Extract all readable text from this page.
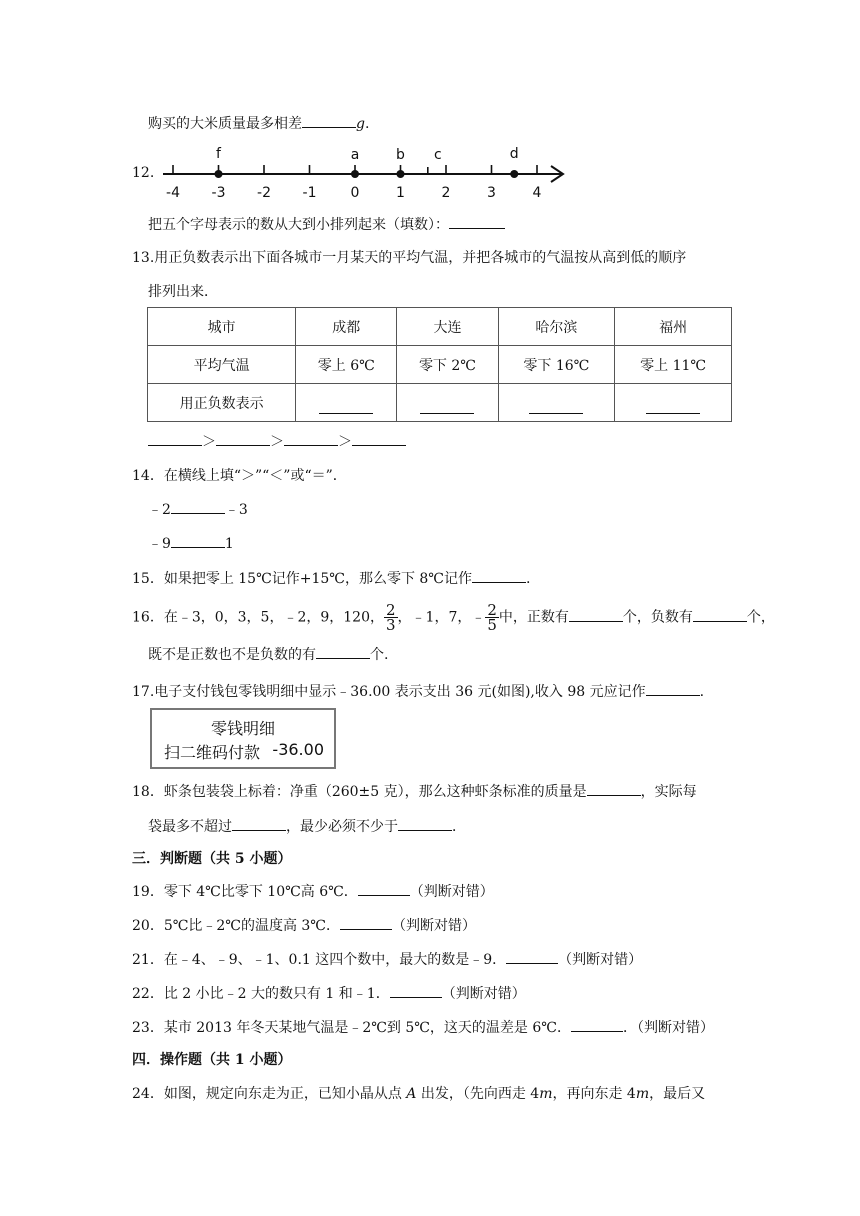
购买的大米质量最多相差	g.
12.
-4 -3 -2 -1 0	1	2	3	4
f	a	b c	d
把五个字母表示的数从大到小排列起来（填数）：
13.用正负数表示出下面各城市一月某天的平均气温，并把各城市的气温按从高到低的顺序
排列出来．
城市	成都	大连	哈尔滨	福州
平均气温	零上 6℃	零下 2℃	零下 16℃	零上 11℃
用正负数表示				
＞	＞	＞
14．在横线上填“＞”“＜”或“＝”．
﹣2	﹣3
﹣9	1
15．如果把零上 15℃记作+15℃，那么零下 8℃记作	.
16．在﹣3，0，3，5，﹣2，9，120， $\frac{2}{3}$ ，﹣1，7，﹣ $\frac{2}{5}$ 中，正数有	个，负数有	个，
既不是正数也不是负数的有	个.
17.电子支付钱包零钱明细中显示﹣36.00 表示支出 36 元(如图),收入 98 元应记作	.
零钱明细
扫二维码付款 -36.00
18．虾条包装袋上标着：净重（260±5 克），那么这种虾条标准的质量是	，实际每
袋最多不超过	，最少必须不少于	．
三．判断题（共 5 小题）
19．零下 4℃比零下 10℃高 6℃．	（判断对错）
20．5℃比﹣2℃的温度高 3℃．	（判断对错）
21．在﹣4、﹣9、﹣1、0.1 这四个数中，最大的数是﹣9．	（判断对错）
22．比 2 小比﹣2 大的数只有 1 和﹣1．	（判断对错）
23．某市 2013 年冬天某地气温是﹣2℃到 5℃，这天的温差是 6℃．	．（判断对错）
四．操作题（共 1 小题）
24．如图，规定向东走为正，已知小晶从点 A 出发，（先向西走 4m，再向东走 4m，最后又
